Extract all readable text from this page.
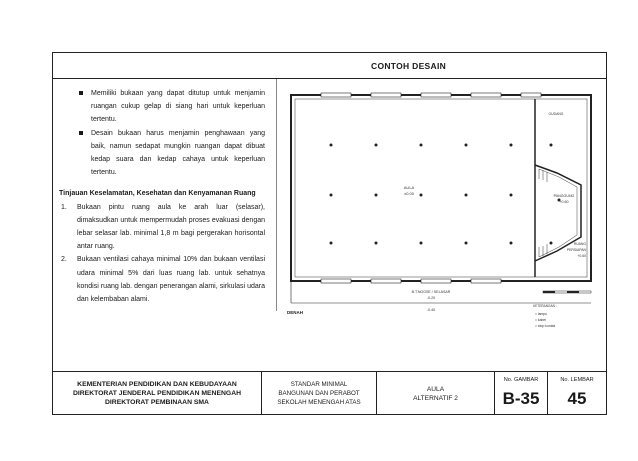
CONTOH DESAIN
Memiliki bukaan yang dapat ditutup untuk menjamin ruangan cukup gelap di siang hari untuk keperluan tertentu.
Desain bukaan harus menjamin penghawaan yang baik, namun sedapat mungkin ruangan dapat dibuat kedap suara dan kedap cahaya untuk keperluan tertentu.
Tinjauan Keselamatan, Kesehatan dan Kenyamanan Ruang
1. Bukaan pintu ruang aula ke arah luar (selasar), dimaksudkan untuk mempermudah proses evakuasi dengan lebar selasar lab. minimal 1,8 m bagi pergerakan horisontal antar ruang.
2. Bukaan ventilasi cahaya minimal 10% dan bukaan ventilasi udara minimal 5% dari luas ruang lab. untuk sehatnya kondisi ruang lab. dengan penerangan alami, sirkulasi udara dan kelembaban alami.
AULA
±0.00	PANGGUNG
+0.60
RUANG
PERSIAPAN
+0.60
GUDANG
B.T.NOGSE / SELASAR
-0.20
-0.40
DENAH
KETERANGAN :
= lampu
= kabel
= stop kontak
KEMENTERIAN PENDIDIKAN DAN KEBUDAYAAN
DIREKTORAT JENDERAL PENDIDIKAN MENENGAH
DIREKTORAT PEMBINAAN SMA
STANDAR MINIMAL
BANGUNAN DAN PERABOT
SEKOLAH MENENGAH ATAS
AULA
ALTERNATIF 2
No. GAMBAR
B-35
No. LEMBAR
45
